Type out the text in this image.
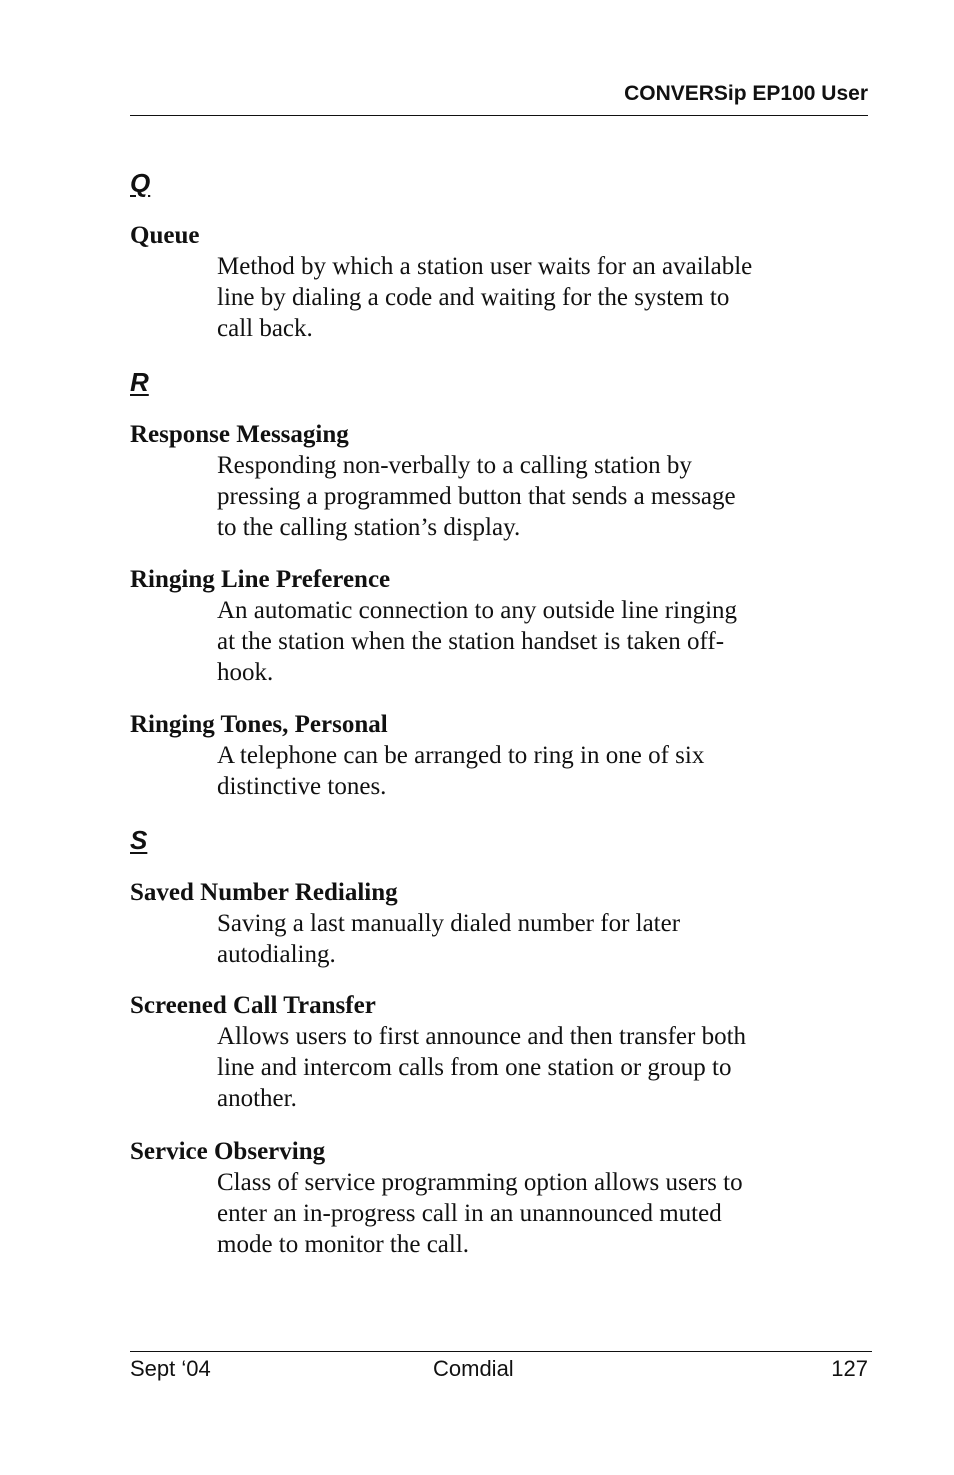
CONVERSip EP100 User
Q
Queue
Method by which a station user waits for an available
line by dialing a code and waiting for the system to
call back.
R
Response Messaging
Responding non-verbally to a calling station by
pressing a programmed button that sends a message
to the calling station’s display.
Ringing Line Preference
An automatic connection to any outside line ringing
at the station when the station handset is taken off-
hook.
Ringing Tones, Personal
A telephone can be arranged to ring in one of six
distinctive tones.
S
Saved Number Redialing
Saving a last manually dialed number for later
autodialing.
Screened Call Transfer
Allows users to first announce and then transfer both
line and intercom calls from one station or group to
another.
Service Observing
Class of service programming option allows users to
enter an in-progress call in an unannounced muted
mode to monitor the call.
Sept ‘04	Comdial	127
